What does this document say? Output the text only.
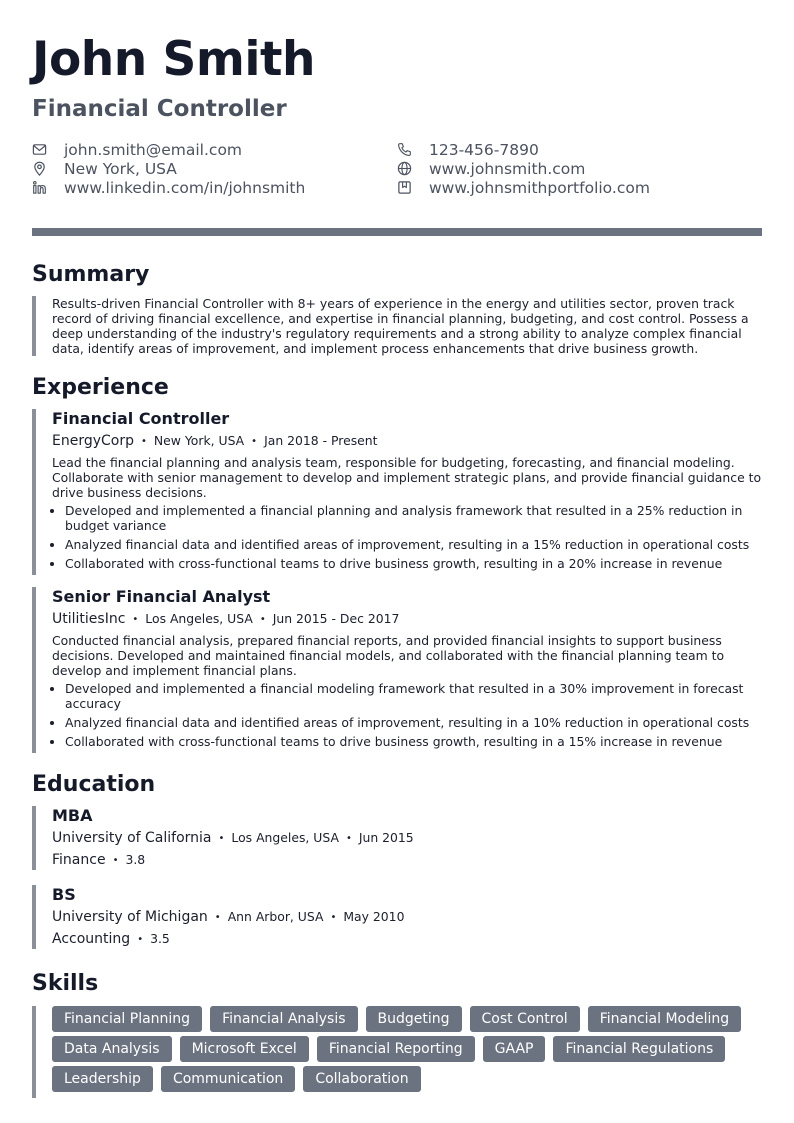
John Smith
Financial Controller
john.smith@email.com	123-456-7890
New York, USA	www.johnsmith.com
www.linkedin.com/in/johnsmith	www.johnsmithportfolio.com
Summary
Results-driven Financial Controller with 8+ years of experience in the energy and utilities sector, proven track record of driving financial excellence, and expertise in financial planning, budgeting, and cost control. Possess a deep understanding of the industry's regulatory requirements and a strong ability to analyze complex financial data, identify areas of improvement, and implement process enhancements that drive business growth.
Experience
Financial Controller
EnergyCorp • New York, USA • Jan 2018 - Present
Lead the financial planning and analysis team, responsible for budgeting, forecasting, and financial modeling. Collaborate with senior management to develop and implement strategic plans, and provide financial guidance to drive business decisions.
• Developed and implemented a financial planning and analysis framework that resulted in a 25% reduction in budget variance
• Analyzed financial data and identified areas of improvement, resulting in a 15% reduction in operational costs
• Collaborated with cross-functional teams to drive business growth, resulting in a 20% increase in revenue
Senior Financial Analyst
UtilitiesInc • Los Angeles, USA • Jun 2015 - Dec 2017
Conducted financial analysis, prepared financial reports, and provided financial insights to support business decisions. Developed and maintained financial models, and collaborated with the financial planning team to develop and implement financial plans.
• Developed and implemented a financial modeling framework that resulted in a 30% improvement in forecast accuracy
• Analyzed financial data and identified areas of improvement, resulting in a 10% reduction in operational costs
• Collaborated with cross-functional teams to drive business growth, resulting in a 15% increase in revenue
Education
MBA
University of California • Los Angeles, USA • Jun 2015
Finance • 3.8
BS
University of Michigan • Ann Arbor, USA • May 2010
Accounting • 3.5
Skills
Financial Planning	Financial Analysis	Budgeting	Cost Control	Financial Modeling
Data Analysis	Microsoft Excel	Financial Reporting	GAAP	Financial Regulations
Leadership	Communication	Collaboration
